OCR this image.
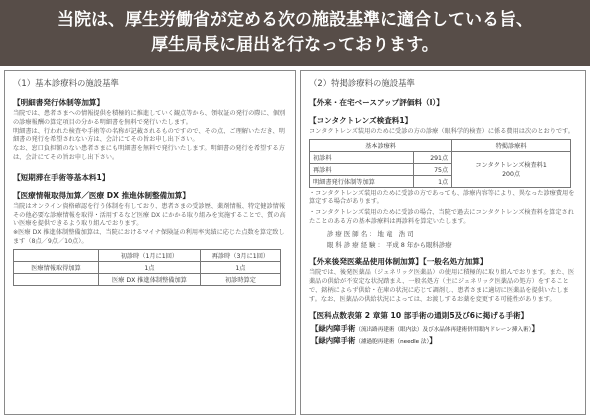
当院は、厚生労働省が定める次の施設基準に適合している旨、
厚生局長に届出を行なっております。
（1）基本診療料の施設基準
【明細書発行体制等加算】

当院では、患者さまへの情報提供を積極的に推進していく観点等から、領収証の発行の際に、個別の診療報酬の算定項目の分かる明細書を無料で発行いたします。

明細書は、行われた検査や手術等の名称が記載されるものですので、その点、ご理解いただき、明細書の発行を希望されない方は、会計にてその旨お申し出下さい。

なお、窓口負担額のない患者さまにも明細書を無料で発行いたします。明細書の発行を希望する方は、会計にてその旨お申し出下さい。

【短期滞在手術等基本料1】
【医療情報取得加算／医療 DX 推進体制整備加算】

当院はオンライン資格確認を行う体制を有しており、患者さまの受診歴、薬剤情報、特定健診情報その他必要な診療情報を取得・活用するなど医療 DX にかかる取り組みを実施することで、質の高い医療を提供できるよう取り組んでおります。

※医療 DX 推進体制整備加算は、当院におけるマイナ保険証の利用率実績に応じた点数を算定致します（8点／9点／10点）。

	初診時（1月に1回）	再診時（3月に1回）
医療情報取得加算	1点	1点
	医療 DX 推進体制整備加算	初診時算定
（2）特掲診療料の施設基準
【外来・在宅ベースアップ評価料（Ⅰ）】
【コンタクトレンズ検査料1】

コンタクトレンズ装用のために受診の方の診療（眼科学的検査）に係る費用は次のとおりです。

基本診療料		特掲診療料
初診料	291点	コンタクトレンズ検査料1
200点

再診料	75点	
明細書発行体制等加算	1点	

・コンタクトレンズ装用のために受診の方であっても、診療内容等により、異なった診療費用を算定する場合があります。

・コンタクトレンズ装用のために受診の場合、当院で過去にコンタクトレンズ検査料を算定されたことのある方の基本診療料は再診料を算定いたします。

診 療 医 師 名 ： 地 竜　浩 司
眼 科 診 療 経 験 ： 平成 8 年から眼科診療
【外来後発医薬品使用体制加算】【一般名処方加算】

当院では、後発医薬品（ジェネリック医薬品）の使用に積極的に取り組んでおります。また、医薬品の供給が不安定な状況踏まえ、一般名処方（主にジェネリック医薬品の処方）をすることで、銘柄によらず供給・在庫の状況に応じて調剤し、患者さまに適切に医薬品を提供いたします。なお、医薬品の供給状況によっては、お渡しするお薬を変更する可能性があります。

【医科点数表第 2 章第 10 部手術の通則5及び6に掲げる手術】
【緑内障手術（流出路再建術（眼内法）及び水晶体再建術併用眼内ドレーン挿入術）】
【緑内障手術（濾過胞再建術（needle 法）】
